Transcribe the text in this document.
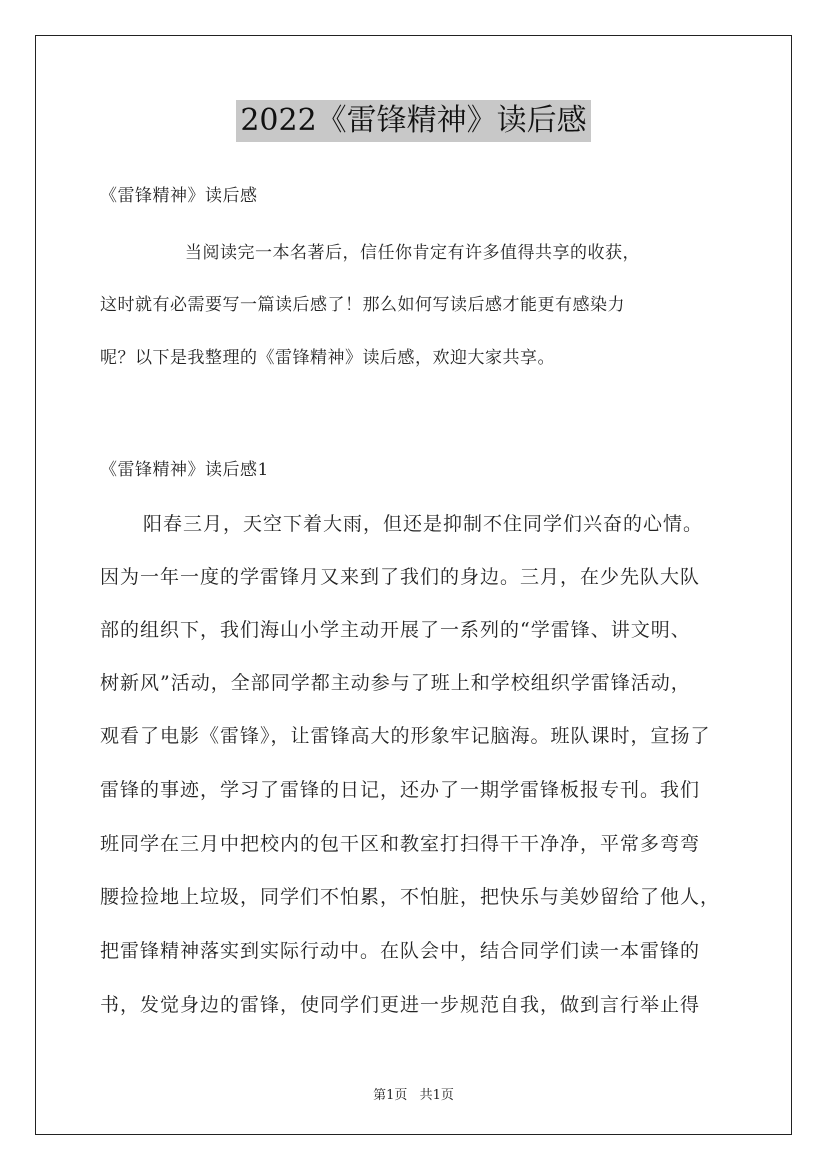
2022《雷锋精神》读后感
《雷锋精神》读后感
当阅读完一本名著后，信任你肯定有许多值得共享的收获，
这时就有必需要写一篇读后感了！那么如何写读后感才能更有感染力
呢？以下是我整理的《雷锋精神》读后感，欢迎大家共享。
《雷锋精神》读后感1
阳春三月，天空下着大雨，但还是抑制不住同学们兴奋的心情。
因为一年一度的学雷锋月又来到了我们的身边。三月，在少先队大队
部的组织下，我们海山小学主动开展了一系列的“学雷锋、讲文明、
树新风”活动，全部同学都主动参与了班上和学校组织学雷锋活动，
观看了电影《雷锋》，让雷锋高大的形象牢记脑海。班队课时，宣扬了
雷锋的事迹，学习了雷锋的日记，还办了一期学雷锋板报专刊。我们
班同学在三月中把校内的包干区和教室打扫得干干净净，平常多弯弯
腰捡捡地上垃圾，同学们不怕累，不怕脏，把快乐与美妙留给了他人，
把雷锋精神落实到实际行动中。在队会中，结合同学们读一本雷锋的
书，发觉身边的雷锋，使同学们更进一步规范自我，做到言行举止得
第1页 共1页
